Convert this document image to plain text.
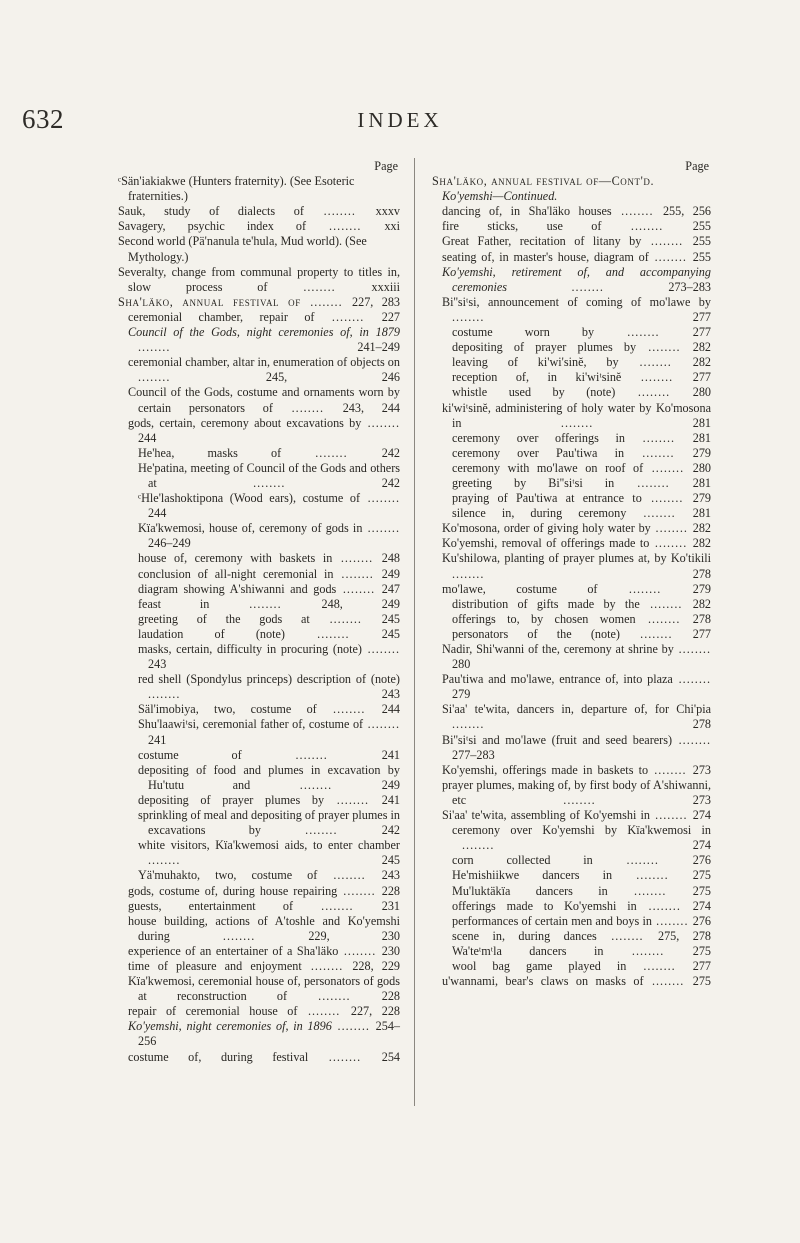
632	INDEX
Page
ᶜSän'iakiakwe (Hunters fraternity). (See Esoteric fraternities.)
Sauk, study of dialects of ........ xxxv
Savagery, psychic index of ........ xxi
Second world (Pä'nanula te'hula, Mud world). (See Mythology.)
Severalty, change from communal property to titles in, slow process of ........ xxxiii
Sha'läko, annual festival of ........ 227, 283
ceremonial chamber, repair of ........ 227
Council of the Gods, night ceremonies of, in 1879 ........ 241–249
ceremonial chamber, altar in, enumeration of objects on ........ 245, 246
Council of the Gods, costume and ornaments worn by certain personators of ........ 243, 244
gods, certain, ceremony about excavations by ........ 244
He'hea, masks of ........ 242
He'patina, meeting of Council of the Gods and others at ........ 242
ᶜHle'lashoktipona (Wood ears), costume of ........ 244
Kïa'kwemosi, house of, ceremony of gods in ........ 246–249
house of, ceremony with baskets in ........ 248
conclusion of all-night ceremonial in ........ 249
diagram showing A'shiwanni and gods ........ 247
feast in ........ 248, 249
greeting of the gods at ........ 245
laudation of (note) ........ 245
masks, certain, difficulty in procuring (note) ........ 243
red shell (Spondylus princeps) description of (note) ........ 243
Säl'imobiya, two, costume of ........ 244
Shu'laawiᵗsi, ceremonial father of, costume of ........ 241
costume of ........ 241
depositing of food and plumes in excavation by Hu'tutu and ........ 249
depositing of prayer plumes by ........ 241
sprinkling of meal and depositing of prayer plumes in excavations by ........ 242
white visitors, Kïa'kwemosi aids, to enter chamber ........ 245
Yä'muhakto, two, costume of ........ 243
gods, costume of, during house repairing ........ 228
guests, entertainment of ........ 231
house building, actions of A'toshle and Ko'yemshi during ........ 229, 230
experience of an entertainer of a Sha'läko ........ 230
time of pleasure and enjoyment ........ 228, 229
Kïa'kwemosi, ceremonial house of, personators of gods at reconstruction of ........ 228
repair of ceremonial house of ........ 227, 228
Ko'yemshi, night ceremonies of, in 1896 ........ 254–256
costume of, during festival ........ 254
Page
Sha'läko, annual festival of—Cont'd.
Ko'yemshi—Continued.
dancing of, in Sha'läko houses ........ 255, 256
fire sticks, use of ........ 255
Great Father, recitation of litany by ........ 255
seating of, in master's house, diagram of ........ 255
Ko'yemshi, retirement of, and accompanying ceremonies ........ 273–283
Bi''siᵗsi, announcement of coming of mo'lawe by ........ 277
costume worn by ........ 277
depositing of prayer plumes by ........ 282
leaving of ki'wi'sinĕ, by ........ 282
reception of, in ki'wiᵗsinĕ ........ 277
whistle used by (note) ........ 280
ki'wiᵗsinĕ, administering of holy water by Ko'mosona in ........ 281
ceremony over offerings in ........ 281
ceremony over Pau'tiwa in ........ 279
ceremony with mo'lawe on roof of ........ 280
greeting by Bi''siᵗsi in ........ 281
praying of Pau'tiwa at entrance to ........ 279
silence in, during ceremony ........ 281
Ko'mosona, order of giving holy water by ........ 282
Ko'yemshi, removal of offerings made to ........ 282
Ku'shilowa, planting of prayer plumes at, by Ko'tikili ........ 278
mo'lawe, costume of ........ 279
distribution of gifts made by the ........ 282
offerings to, by chosen women ........ 278
personators of the (note) ........ 277
Nadir, Shi'wanni of the, ceremony at shrine by ........ 280
Pau'tiwa and mo'lawe, entrance of, into plaza ........ 279
Si'aa' te'wita, dancers in, departure of, for Chi'pia ........ 278
Bi''siᵗsi and mo'lawe (fruit and seed bearers) ........ 277–283
Ko'yemshi, offerings made in baskets to ........ 273
prayer plumes, making of, by first body of A'shiwanni, etc ........ 273
Si'aa' te'wita, assembling of Ko'yemshi in ........ 274
ceremony over Ko'yemshi by Kïa'kwemosi in ........ 274
corn collected in ........ 276
He'mishiikwe dancers in ........ 275
Mu'luktäkïa dancers in ........ 275
offerings made to Ko'yemshi in ........ 274
performances of certain men and boys in ........ 276
scene in, during dances ........ 275, 278
Wa'teᵗmᵗla dancers in ........ 275
wool bag game played in ........ 277
u'wannami, bear's claws on masks of ........ 275
